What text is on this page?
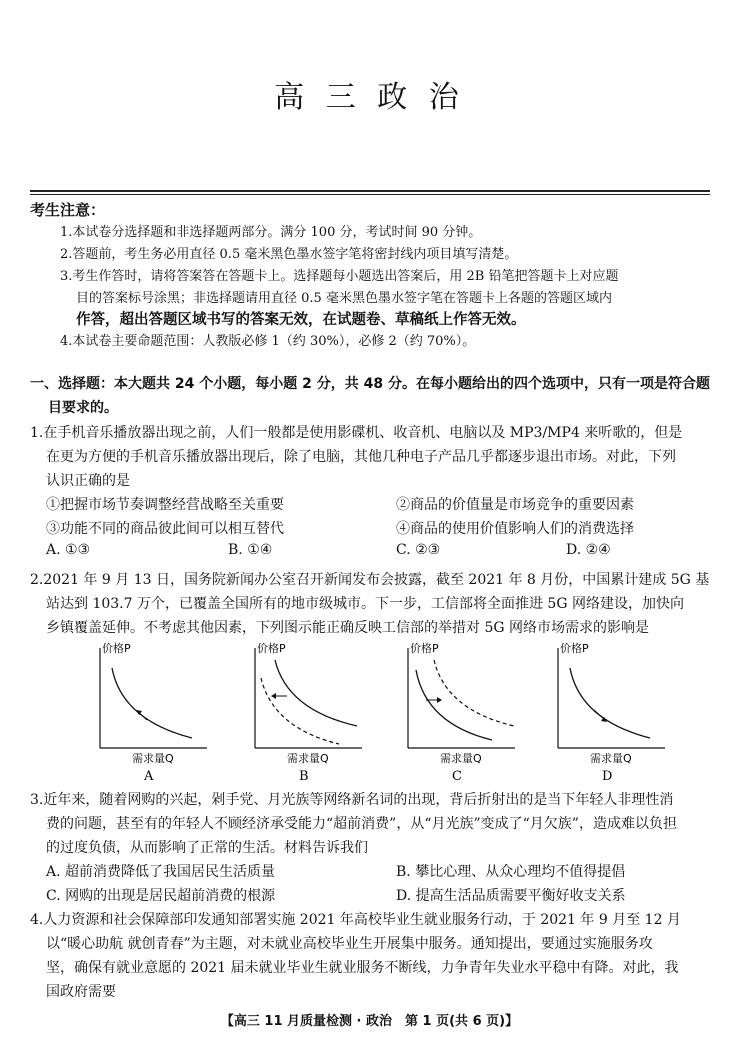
高 三 政 治
考生注意：
1.本试卷分选择题和非选择题两部分。满分 100 分，考试时间 90 分钟。
2.答题前，考生务必用直径 0.5 毫米黑色墨水签字笔将密封线内项目填写清楚。
3.考生作答时，请将答案答在答题卡上。选择题每小题选出答案后，用 2B 铅笔把答题卡上对应题
目的答案标号涂黑；非选择题请用直径 0.5 毫米黑色墨水签字笔在答题卡上各题的答题区域内
作答，超出答题区域书写的答案无效，在试题卷、草稿纸上作答无效。
4.本试卷主要命题范围：人教版必修 1（约 30%），必修 2（约 70%）。
一、选择题：本大题共 24 个小题，每小题 2 分，共 48 分。在每小题给出的四个选项中，只有一项是符合题
目要求的。
1.在手机音乐播放器出现之前，人们一般都是使用影碟机、收音机、电脑以及 MP3/MP4 来听歌的，但是
在更为方便的手机音乐播放器出现后，除了电脑，其他几种电子产品几乎都逐步退出市场。对此，下列
认识正确的是
①把握市场节奏调整经营战略至关重要	②商品的价值量是市场竞争的重要因素
③功能不同的商品彼此间可以相互替代	④商品的使用价值影响人们的消费选择
A. ①③	B. ①④	C. ②③	D. ②④
2.2021 年 9 月 13 日，国务院新闻办公室召开新闻发布会披露，截至 2021 年 8 月份，中国累计建成 5G 基
站达到 103.7 万个，已覆盖全国所有的地市级城市。下一步，工信部将全面推进 5G 网络建设，加快向
乡镇覆盖延伸。不考虑其他因素，下列图示能正确反映工信部的举措对 5G 网络市场需求的影响是
价格P
需求量Q
A
价格P
需求量Q
B
价格P
需求量Q
C
价格P
需求量Q
D
3.近年来，随着网购的兴起，剁手党、月光族等网络新名词的出现，背后折射出的是当下年轻人非理性消
费的问题，甚至有的年轻人不顾经济承受能力“超前消费”，从“月光族”变成了“月欠族”，造成难以负担
的过度负债，从而影响了正常的生活。材料告诉我们
A. 超前消费降低了我国居民生活质量	B. 攀比心理、从众心理均不值得提倡
C. 网购的出现是居民超前消费的根源	D. 提高生活品质需要平衡好收支关系
4.人力资源和社会保障部印发通知部署实施 2021 年高校毕业生就业服务行动，于 2021 年 9 月至 12 月
以“暖心助航 就创青春”为主题，对未就业高校毕业生开展集中服务。通知提出，要通过实施服务攻
坚，确保有就业意愿的 2021 届未就业毕业生就业服务不断线，力争青年失业水平稳中有降。对此，我
国政府需要
【高三 11 月质量检测 · 政治　第 1 页(共 6 页)】
